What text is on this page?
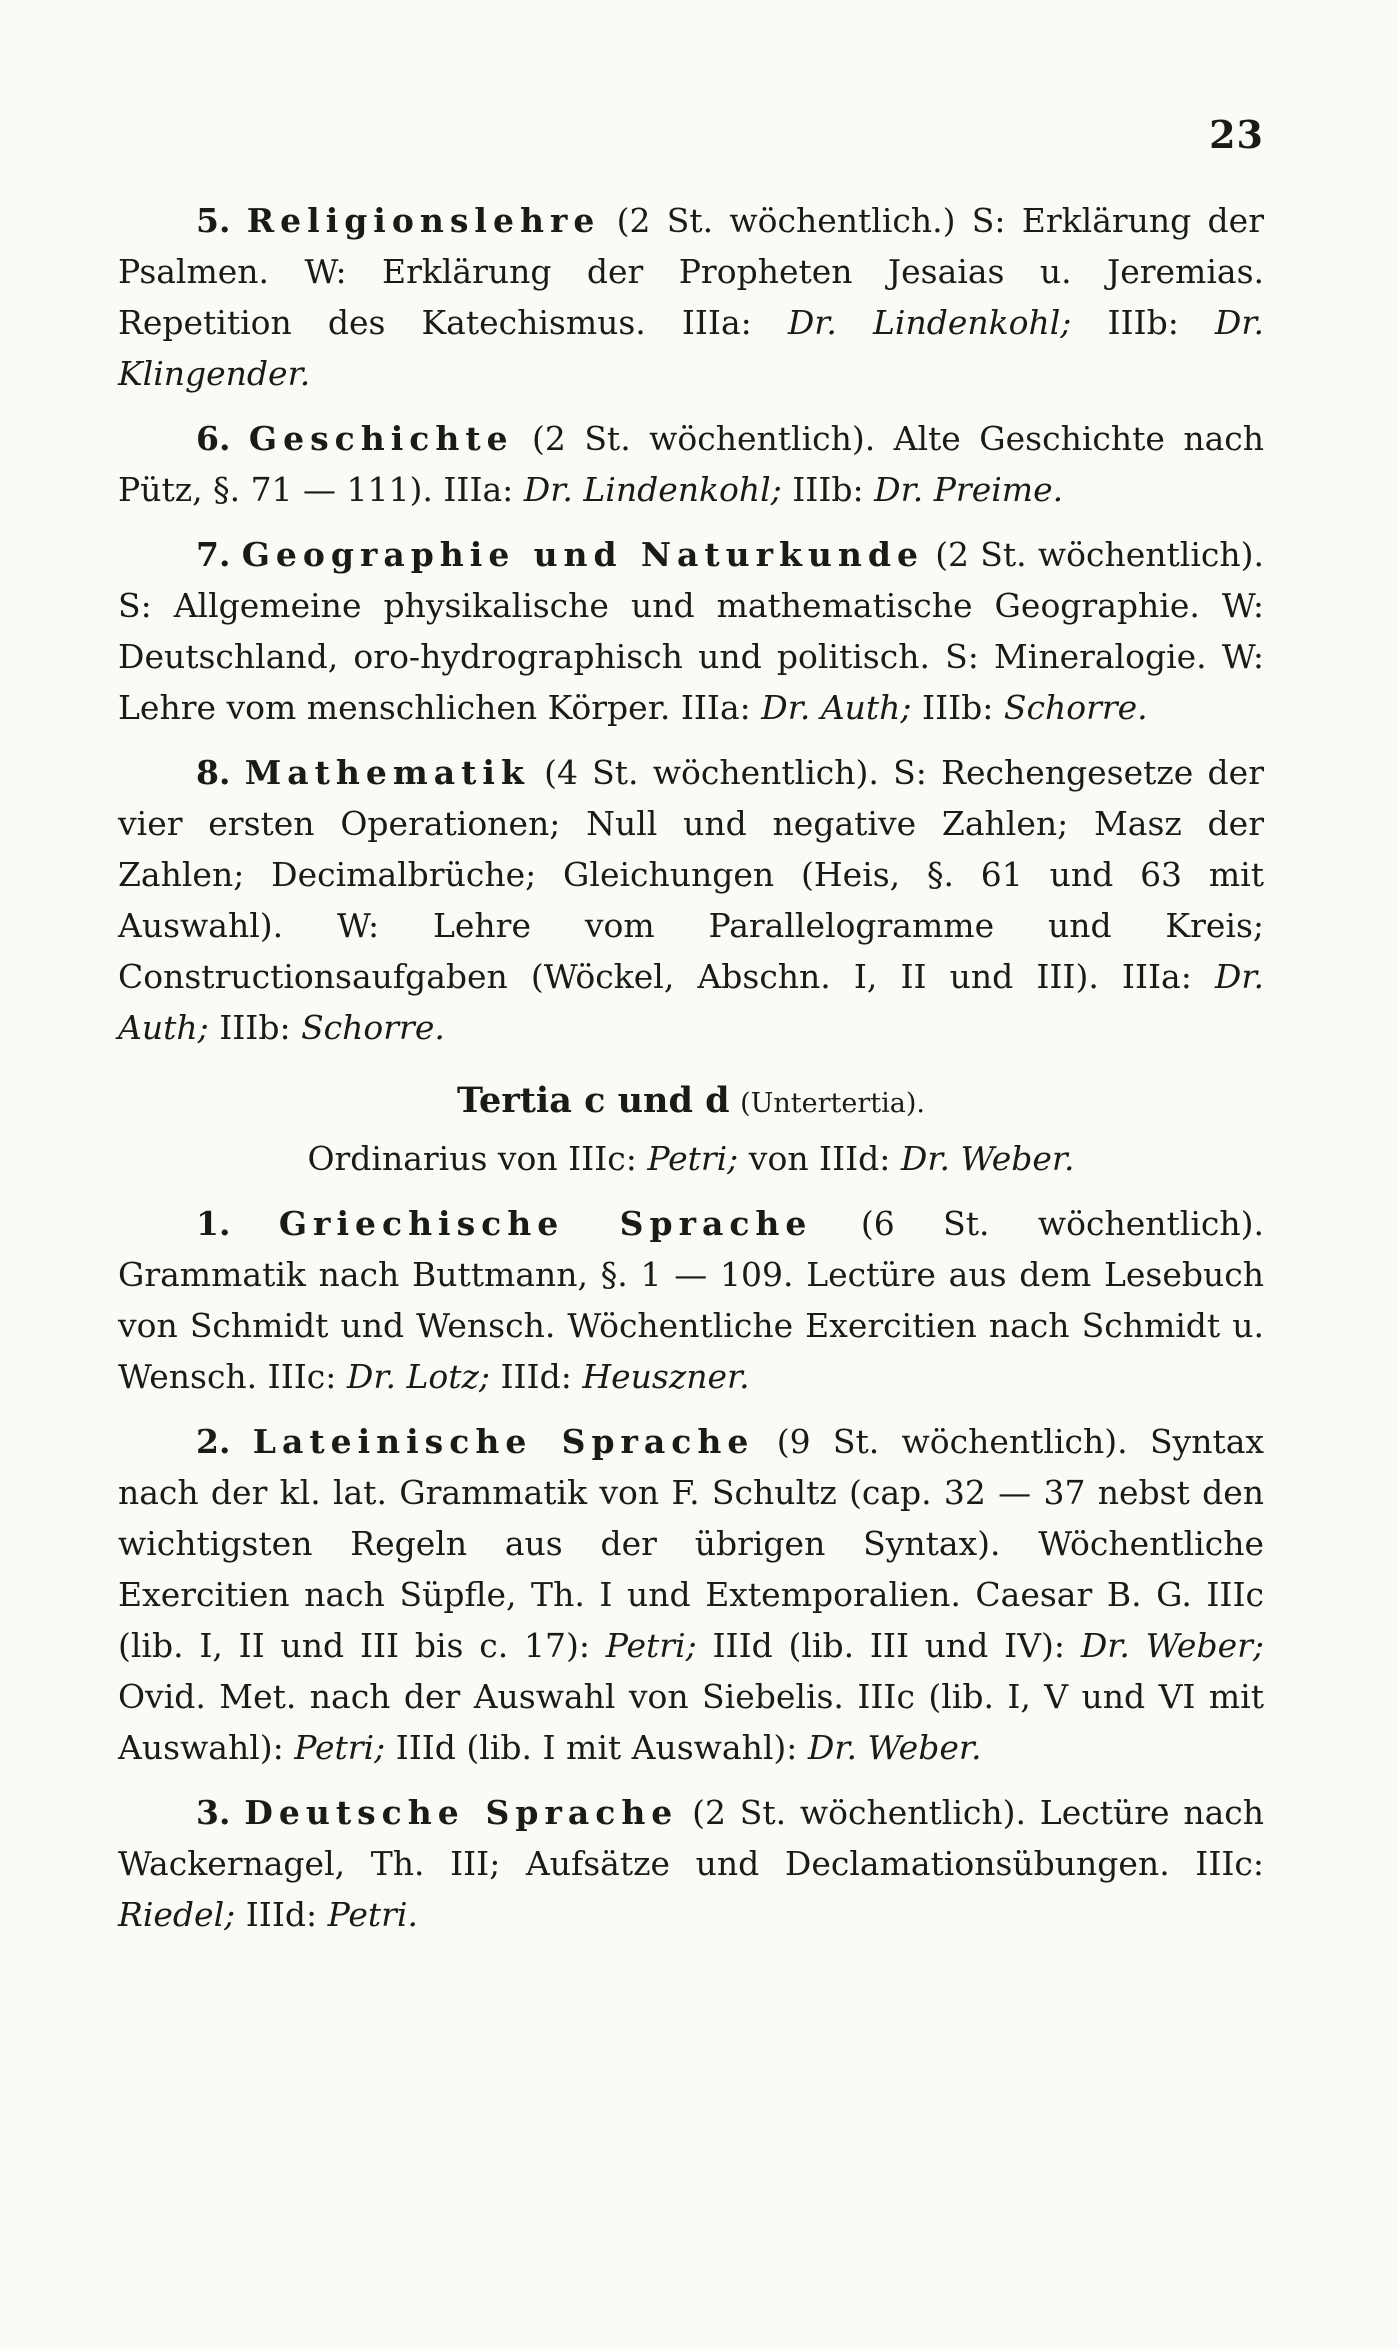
23

5. Religionslehre (2 St. wöchentlich.) S: Erklärung der Psalmen. W: Erklärung der Propheten Jesaias u. Jeremias. Repetition des Katechismus. IIIa: Dr. Lindenkohl; IIIb: Dr. Klingender.

6. Geschichte (2 St. wöchentlich). Alte Geschichte nach Pütz, §. 71 — 111). IIIa: Dr. Lindenkohl; IIIb: Dr. Preime.

7. Geographie und Naturkunde (2 St. wöchentlich). S: Allgemeine physikalische und mathematische Geographie. W: Deutschland, oro-hydrographisch und politisch. S: Mineralogie. W: Lehre vom menschlichen Körper. IIIa: Dr. Auth; IIIb: Schorre.

8. Mathematik (4 St. wöchentlich). S: Rechengesetze der vier ersten Operationen; Null und negative Zahlen; Masz der Zahlen; Decimalbrüche; Gleichungen (Heis, §. 61 und 63 mit Auswahl). W: Lehre vom Parallelogramme und Kreis; Constructionsaufgaben (Wöckel, Abschn. I, II und III). IIIa: Dr. Auth; IIIb: Schorre.

Tertia c und d (Untertertia).
Ordinarius von IIIc: Petri; von IIId: Dr. Weber.

1. Griechische Sprache (6 St. wöchentlich). Grammatik nach Buttmann, §. 1 — 109. Lectüre aus dem Lesebuch von Schmidt und Wensch. Wöchentliche Exercitien nach Schmidt u. Wensch. IIIc: Dr. Lotz; IIId: Heuszner.

2. Lateinische Sprache (9 St. wöchentlich). Syntax nach der kl. lat. Grammatik von F. Schultz (cap. 32 — 37 nebst den wichtigsten Regeln aus der übrigen Syntax). Wöchentliche Exercitien nach Süpfle, Th. I und Extemporalien. Caesar B. G. IIIc (lib. I, II und III bis c. 17): Petri; IIId (lib. III und IV): Dr. Weber; Ovid. Met. nach der Auswahl von Siebelis. IIIc (lib. I, V und VI mit Auswahl): Petri; IIId (lib. I mit Auswahl): Dr. Weber.

3. Deutsche Sprache (2 St. wöchentlich). Lectüre nach Wackernagel, Th. III; Aufsätze und Declamationsübungen. IIIc: Riedel; IIId: Petri.
